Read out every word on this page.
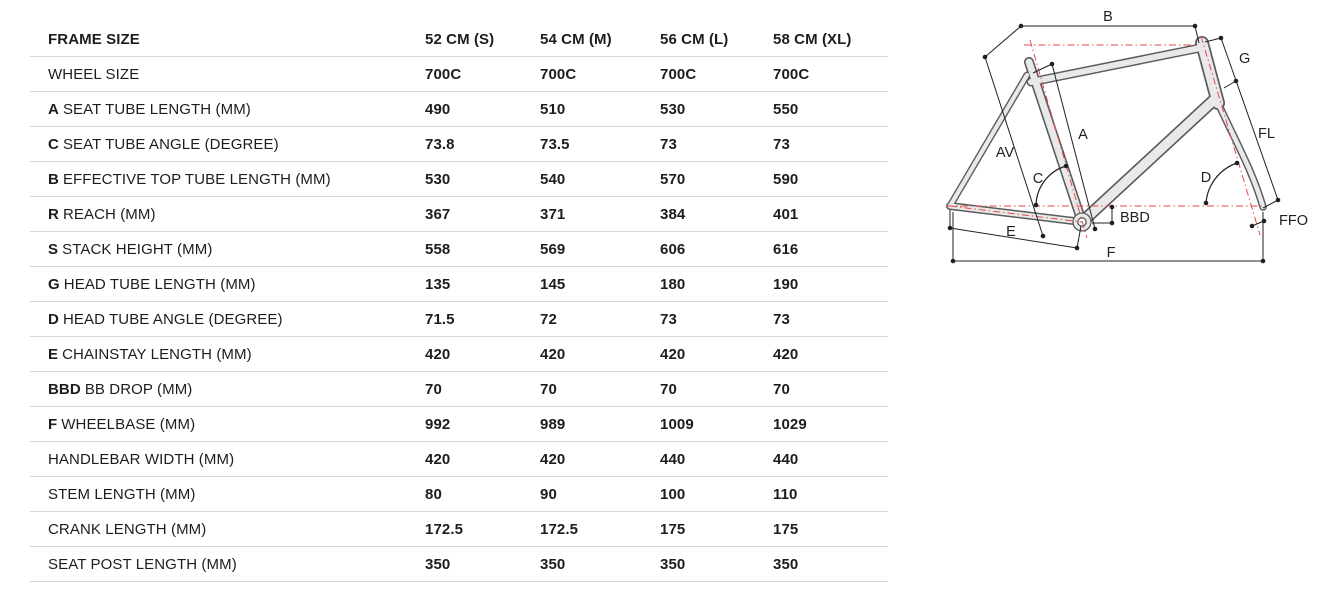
FRAME SIZE	52 CM (S)	54 CM (M)	56 CM (L)	58 CM (XL)
WHEEL SIZE	700C	700C	700C	700C
A SEAT TUBE LENGTH (MM)	490	510	530	550
C SEAT TUBE ANGLE (DEGREE)	73.8	73.5	73	73
B EFFECTIVE TOP TUBE LENGTH (MM)	530	540	570	590
R REACH (MM)	367	371	384	401
S STACK HEIGHT (MM)	558	569	606	616
G HEAD TUBE LENGTH (MM)	135	145	180	190
D HEAD TUBE ANGLE (DEGREE)	71.5	72	73	73
E CHAINSTAY LENGTH (MM)	420	420	420	420
BBD BB DROP (MM)	70	70	70	70
F WHEELBASE (MM)	992	989	1009	1029
HANDLEBAR WIDTH (MM)	420	420	440	440
STEM LENGTH (MM)	80	90	100	110
CRANK LENGTH (MM)	172.5	172.5	175	175
SEAT POST LENGTH (MM)	350	350	350	350
B
G
FL
A
AV
C	D
BBD
E
F
FFO
